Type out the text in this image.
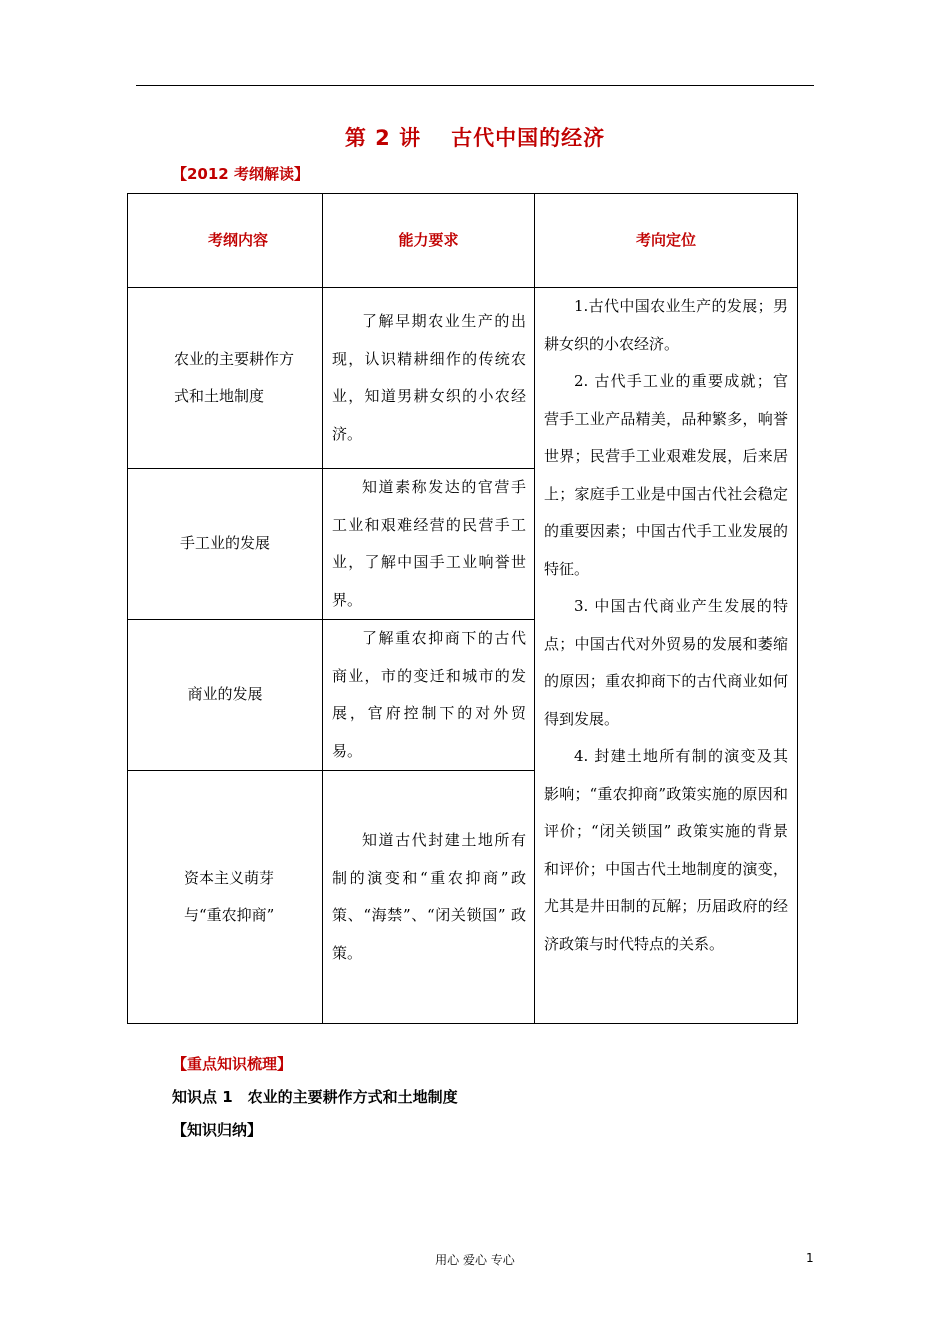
第 2 讲 古代中国的经济
【2012 考纲解读】
考纲内容	能力要求	考向定位
农业的主要耕作方式和土地制度	了解早期农业生产的出现，认识精耕细作的传统农业，知道男耕女织的小农经济。	1.古代中国农业生产的发展；男耕女织的小农经济。

2. 古代手工业的重要成就；官营手工业产品精美，品种繁多，响誉世界；民营手工业艰难发展，后来居上；家庭手工业是中国古代社会稳定的重要因素；中国古代手工业发展的特征。

3. 中国古代商业产生发展的特点；中国古代对外贸易的发展和萎缩的原因；重农抑商下的古代商业如何得到发展。

4. 封建土地所有制的演变及其影响；“重农抑商”政策实施的原因和评价；“闭关锁国” 政策实施的背景和评价；中国古代土地制度的演变，尤其是井田制的瓦解；历届政府的经济政策与时代特点的关系。

手工业的发展	知道素称发达的官营手工业和艰难经营的民营手工业，了解中国手工业响誉世界。	
商业的发展	了解重农抑商下的古代商业，市的变迁和城市的发展，官府控制下的对外贸易。	
资本主义萌芽与“重农抑商”	知道古代封建土地所有制的演变和“重农抑商”政策、“海禁”、“闭关锁国” 政策。	
【重点知识梳理】
知识点 1　农业的主要耕作方式和土地制度
【知识归纳】
用心 爱心 专心	1
